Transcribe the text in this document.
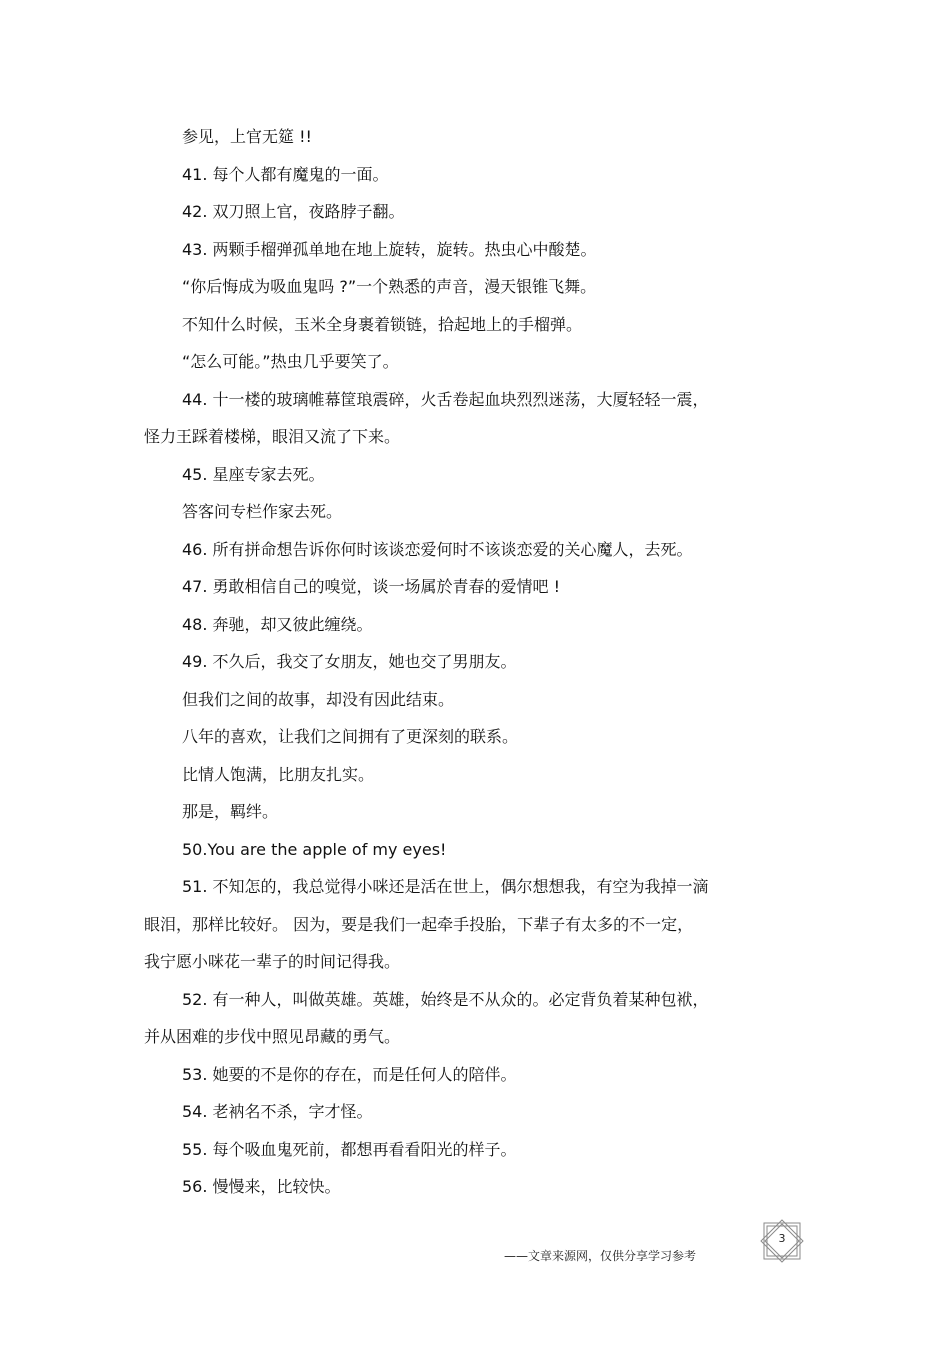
参见，上官无筵 !!
41. 每个人都有魔鬼的一面。
42. 双刀照上官，夜路脖子翻。
43. 两颗手榴弹孤单地在地上旋转，旋转。热虫心中酸楚。
“你后悔成为吸血鬼吗 ?”一个熟悉的声音，漫天银锥飞舞。
不知什么时候，玉米全身裹着锁链，拾起地上的手榴弹。
“怎么可能。”热虫几乎要笑了。
44. 十一楼的玻璃帷幕筐琅震碎，火舌卷起血块烈烈迷荡，大厦轻轻一震，
怪力王踩着楼梯，眼泪又流了下来。
45. 星座专家去死。
答客问专栏作家去死。
46. 所有拼命想告诉你何时该谈恋爱何时不该谈恋爱的关心魔人，去死。
47. 勇敢相信自己的嗅觉，谈一场属於青春的爱情吧 !
48. 奔驰，却又彼此缠绕。
49. 不久后，我交了女朋友，她也交了男朋友。
但我们之间的故事，却没有因此结束。
八年的喜欢，让我们之间拥有了更深刻的联系。
比情人饱满，比朋友扎实。
那是，羁绊。
50.You are the apple of my eyes!
51. 不知怎的，我总觉得小咪还是活在世上，偶尔想想我，有空为我掉一滴
眼泪，那样比较好。 因为，要是我们一起牵手投胎，下辈子有太多的不一定，
我宁愿小咪花一辈子的时间记得我。
52. 有一种人，叫做英雄。英雄，始终是不从众的。必定背负着某种包袱，
并从困难的步伐中照见昂藏的勇气。
53. 她要的不是你的存在，而是任何人的陪伴。
54. 老衲名不杀，字才怪。
55. 每个吸血鬼死前，都想再看看阳光的样子。
56. 慢慢来，比较快。
——文章来源网，仅供分享学习参考
3
